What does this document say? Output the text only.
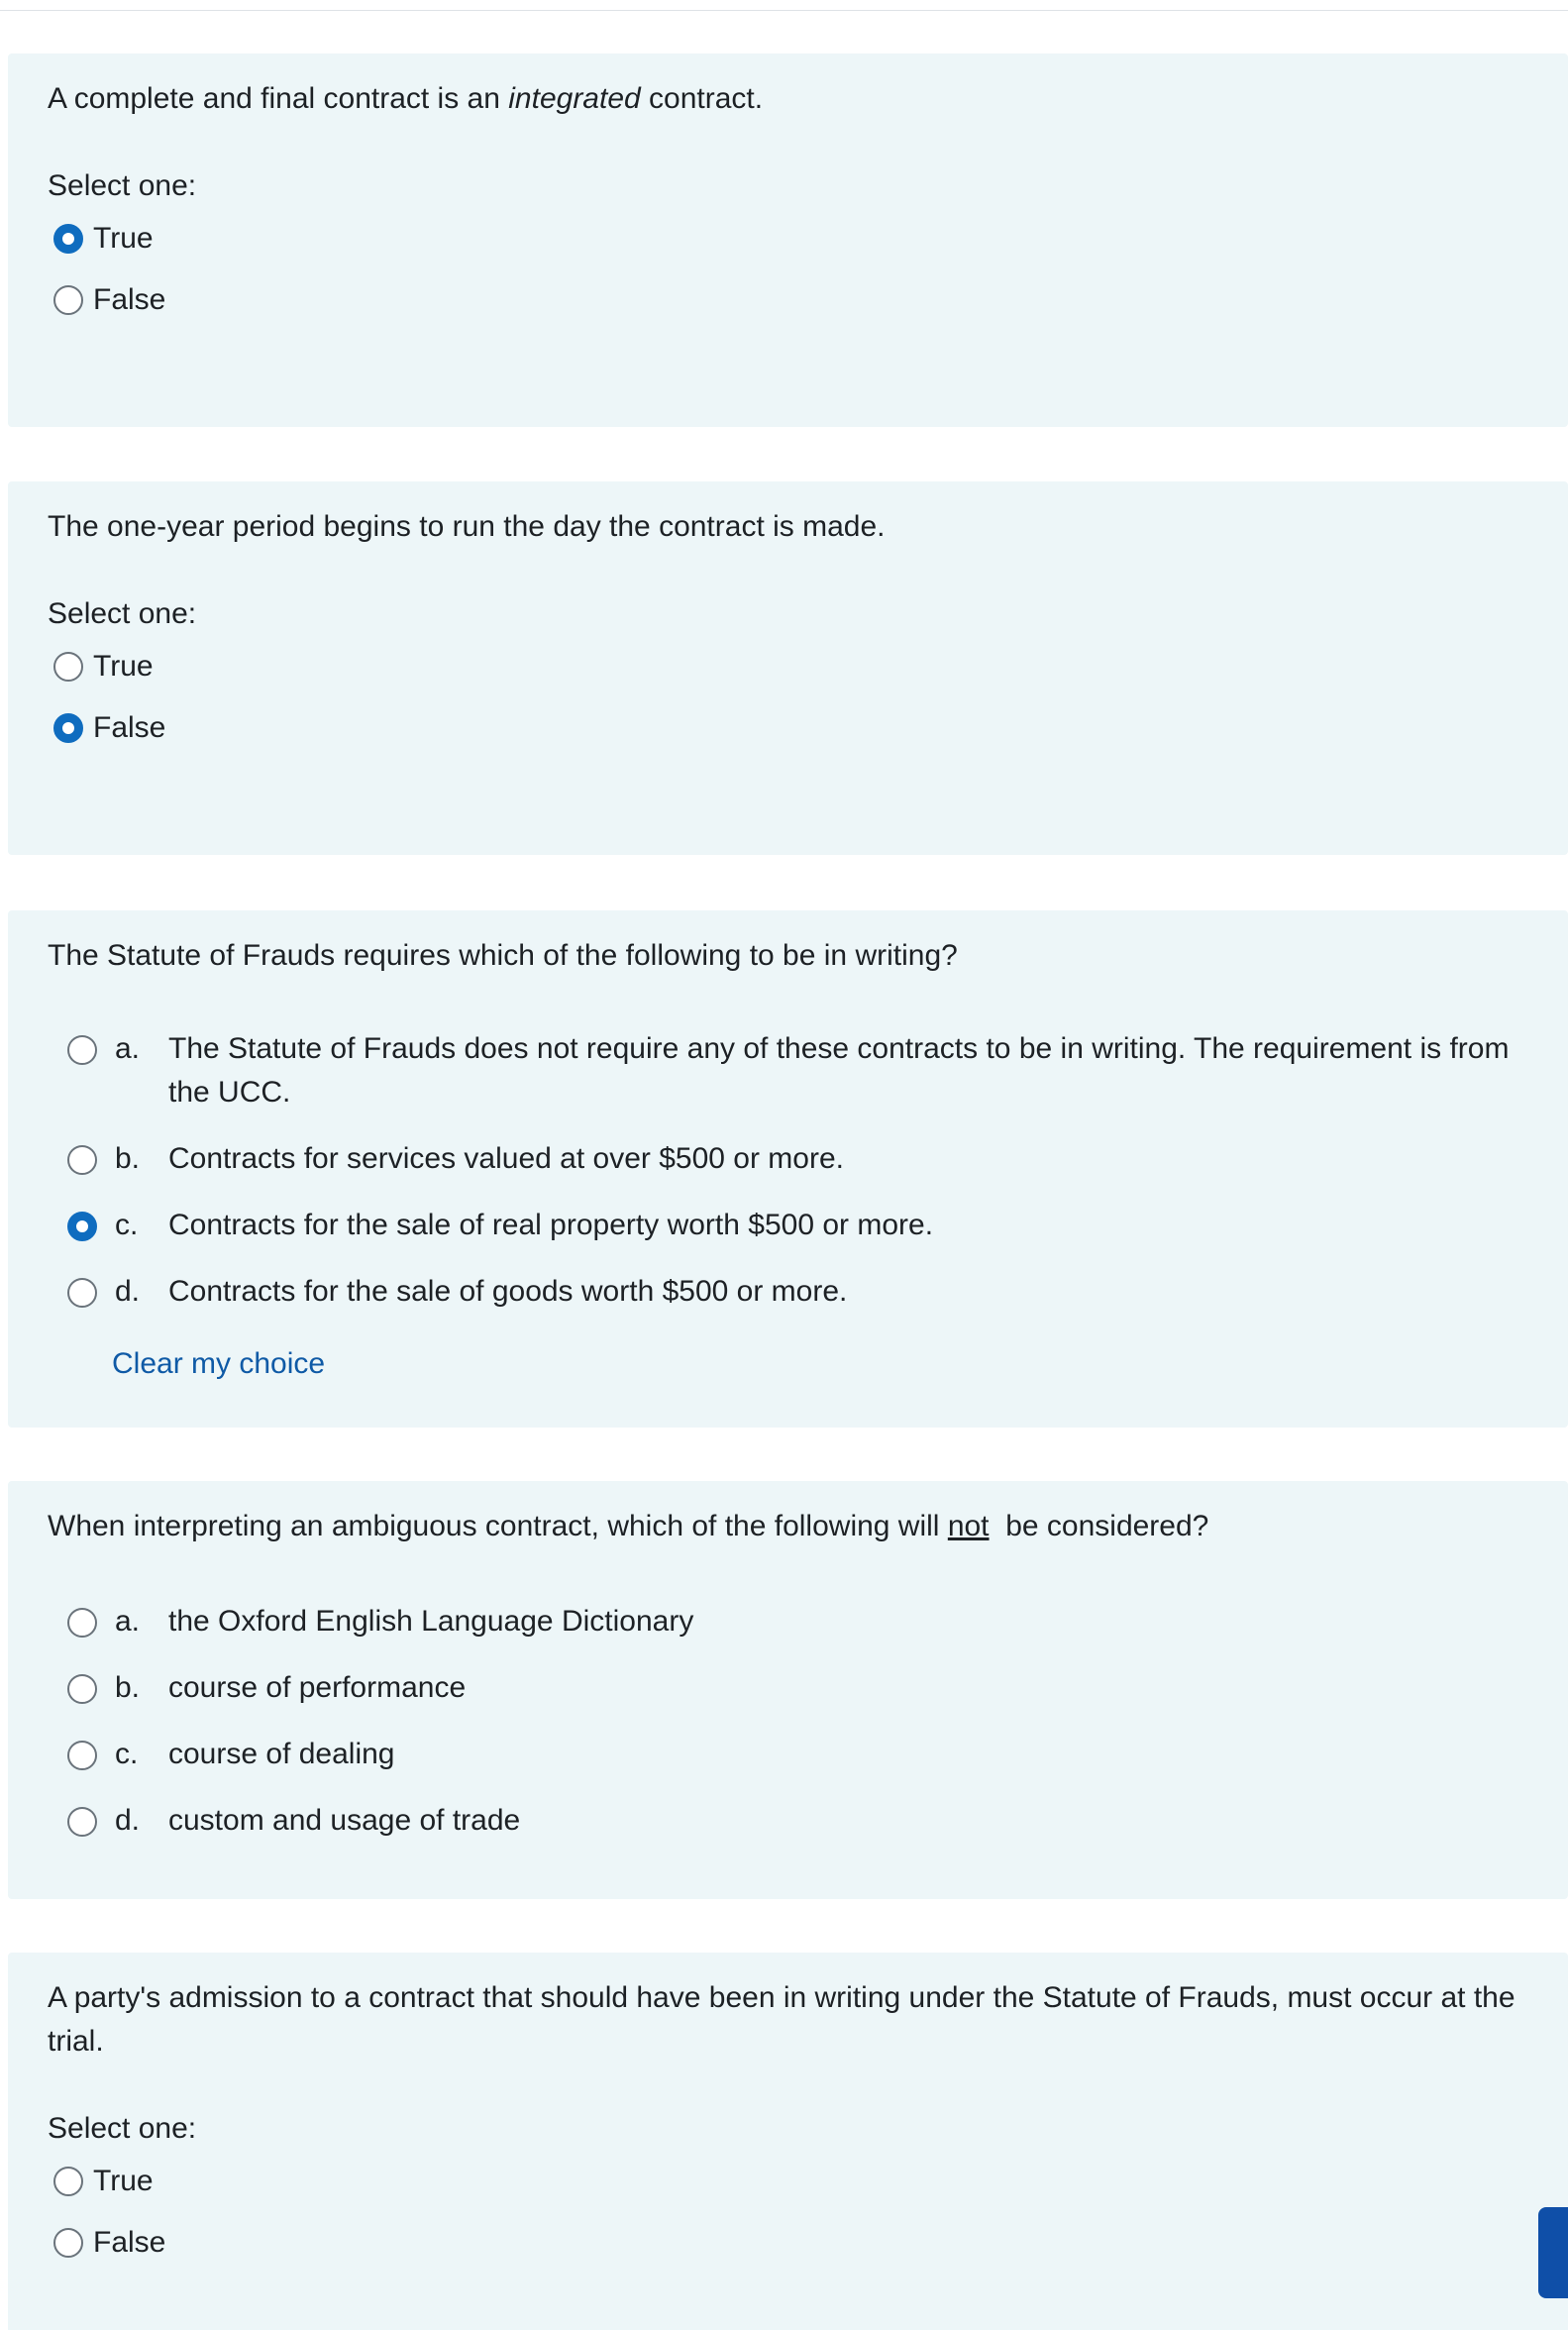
A complete and final contract is an integrated contract.
Select one:
True
False
The one-year period begins to run the day the contract is made.
Select one:
True
False
The Statute of Frauds requires which of the following to be in writing?
a. The Statute of Frauds does not require any of these contracts to be in writing. The requirement is from the UCC.
b. Contracts for services valued at over $500 or more.
c.	Contracts for the sale of real property worth $500 or more.
d. Contracts for the sale of goods worth $500 or more.
Clear my choice
When interpreting an ambiguous contract, which of the following will not  be considered?
a. the Oxford English Language Dictionary
b. course of performance
c.	course of dealing
d. custom and usage of trade
A party's admission to a contract that should have been in writing under the Statute of Frauds, must occur at the trial.
Select one:
True
False
